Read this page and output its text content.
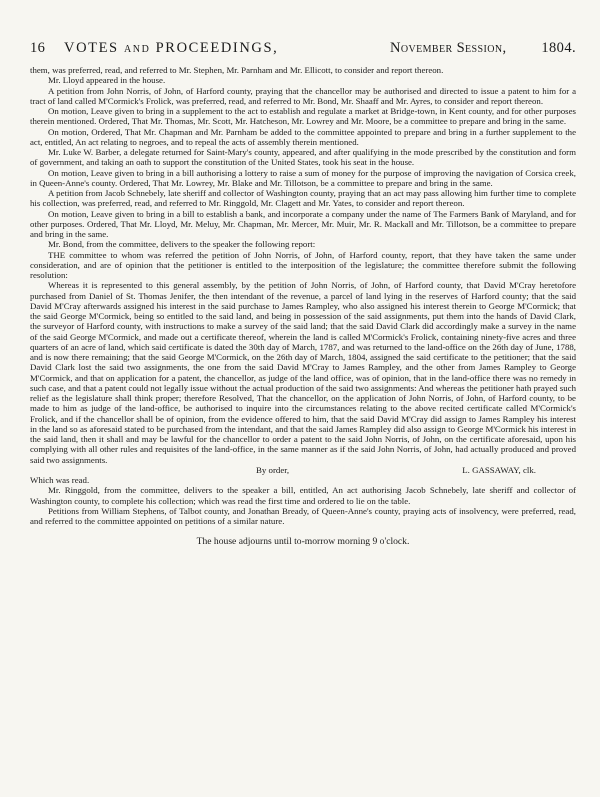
16 VOTES and PROCEEDINGS,	November Session, 1804.

them, was preferred, read, and referred to Mr. Stephen, Mr. Parnham and Mr. Ellicott, to consider and report thereon.

Mr. Lloyd appeared in the house.

A petition from John Norris, of John, of Harford county, praying that the chancellor may be authorised and directed to issue a patent to him for a tract of land called M'Cormick's Frolick, was preferred, read, and referred to Mr. Bond, Mr. Shaaff and Mr. Ayres, to consider and report thereon.

On motion, Leave given to bring in a supplement to the act to establish and regulate a market at Bridge-town, in Kent county, and for other purposes therein mentioned. Ordered, That Mr. Thomas, Mr. Scott, Mr. Hatcheson, Mr. Lowrey and Mr. Moore, be a committee to prepare and bring in the same.

On motion, Ordered, That Mr. Chapman and Mr. Parnham be added to the committee appointed to prepare and bring in a further supplement to the act, entitled, An act relating to negroes, and to repeal the acts of assembly therein mentioned.

Mr. Luke W. Barber, a delegate returned for Saint-Mary's county, appeared, and after qualifying in the mode prescribed by the constitution and form of government, and taking an oath to support the constitution of the United States, took his seat in the house.

On motion, Leave given to bring in a bill authorising a lottery to raise a sum of money for the purpose of improving the navigation of Corsica creek, in Queen-Anne's county. Ordered, That Mr. Lowrey, Mr. Blake and Mr. Tillotson, be a committee to prepare and bring in the same.

A petition from Jacob Schnebely, late sheriff and collector of Washington county, praying that an act may pass allowing him further time to complete his collection, was preferred, read, and referred to Mr. Ringgold, Mr. Clagett and Mr. Yates, to consider and report thereon.

On motion, Leave given to bring in a bill to establish a bank, and incorporate a company under the name of The Farmers Bank of Maryland, and for other purposes. Ordered, That Mr. Lloyd, Mr. Meluy, Mr. Chapman, Mr. Mercer, Mr. Muir, Mr. R. Mackall and Mr. Tillotson, be a committee to prepare and bring in the same.

Mr. Bond, from the committee, delivers to the speaker the following report:

THE committee to whom was referred the petition of John Norris, of John, of Harford county, report, that they have taken the same under consideration, and are of opinion that the petitioner is entitled to the interposition of the legislature; the committee therefore submit the following resolution:

Whereas it is represented to this general assembly, by the petition of John Norris, of John, of Harford county, that David M'Cray heretofore purchased from Daniel of St. Thomas Jenifer, the then intendant of the revenue, a parcel of land lying in the reserves of Harford county; that the said David M'Cray afterwards assigned his interest in the said purchase to James Rampley, who also assigned his interest therein to George M'Cormick; that the said George M'Cormick, being so entitled to the said land, and being in possession of the said assignments, put them into the hands of David Clark, the surveyor of Harford county, with instructions to make a survey of the said land; that the said David Clark did accordingly make a survey in the name of the said George M'Cormick, and made out a certificate thereof, wherein the land is called M'Cormick's Frolick, containing ninety-five acres and three quarters of an acre of land, which said certificate is dated the 30th day of March, 1787, and was returned to the land-office on the 26th day of June, 1788, and is now there remaining; that the said George M'Cormick, on the 26th day of March, 1804, assigned the said certificate to the petitioner; that the said David Clark lost the said two assignments, the one from the said David M'Cray to James Rampley, and the other from James Rampley to George M'Cormick, and that on application for a patent, the chancellor, as judge of the land office, was of opinion, that in the land-office there was no remedy in such case, and that a patent could not legally issue without the actual production of the said two assignments: And whereas the petitioner hath prayed such relief as the legislature shall think proper; therefore Resolved, That the chancellor, on the application of John Norris, of John, of Harford county, to be made to him as judge of the land-office, be authorised to inquire into the circumstances relating to the above recited certificate called M'Cormick's Frolick, and if the chancellor shall be of opinion, from the evidence offered to him, that the said David M'Cray did assign to James Rampley his interest in the land so as aforesaid stated to be purchased from the intendant, and that the said James Rampley did also assign to George M'Cormick his interest in the said land, then it shall and may be lawful for the chancellor to order a patent to the said John Norris, of John, on the certificate aforesaid, upon his complying with all other rules and requisites of the land-office, in the same manner as if the said John Norris, of John, had actually produced and proved said two assignments.

By order,	L. GASSAWAY, clk.

Which was read.

Mr. Ringgold, from the committee, delivers to the speaker a bill, entitled, An act authorising Jacob Schnebely, late sheriff and collector of Washington county, to complete his collection; which was read the first time and ordered to lie on the table.

Petitions from William Stephens, of Talbot county, and Jonathan Bready, of Queen-Anne's county, praying acts of insolvency, were preferred, read, and referred to the committee appointed on petitions of a similar nature.

The house adjourns until to-morrow morning 9 o'clock.
